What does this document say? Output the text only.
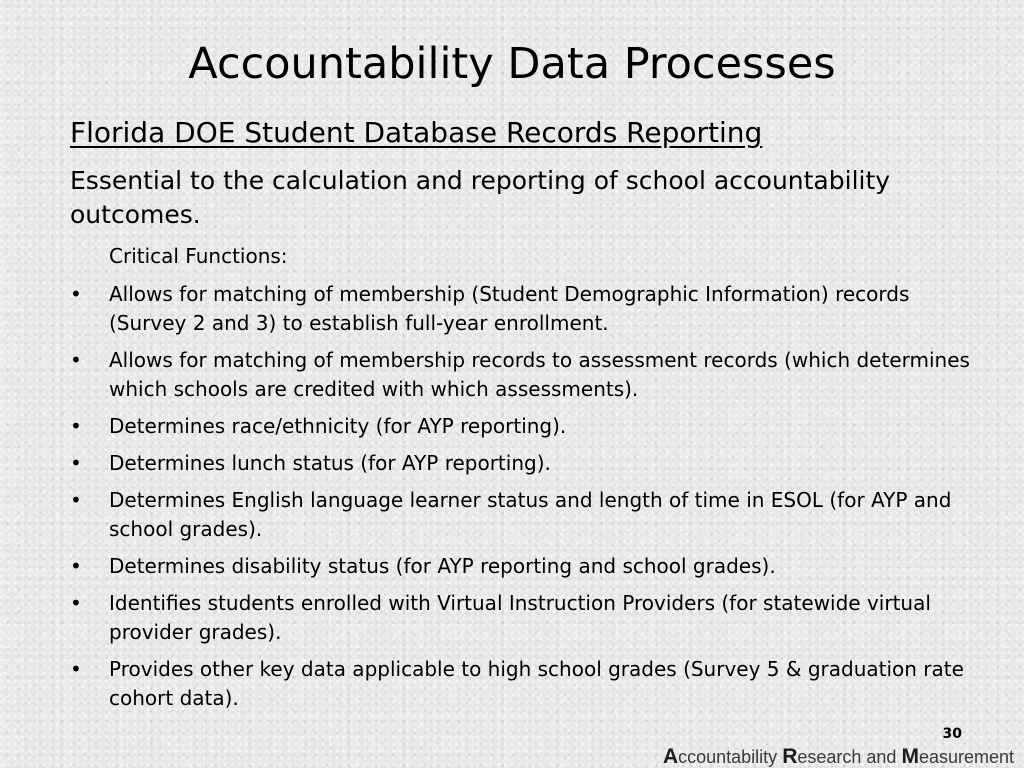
Accountability Data Processes
Florida DOE Student Database Records Reporting

Essential to the calculation and reporting of school accountability outcomes.

Critical Functions:

•	Allows for matching of membership (Student Demographic Information) records (Survey 2 and 3) to establish full-year enrollment.
•	Allows for matching of membership records to assessment records (which determines which schools are credited with which assessments).
•	Determines race/ethnicity (for AYP reporting).
•	Determines lunch status (for AYP reporting).
•	Determines English language learner status and length of time in ESOL (for AYP and school grades).
•	Determines disability status (for AYP reporting and school grades).
•	Identifies students enrolled with Virtual Instruction Providers (for statewide virtual provider grades).
•	Provides other key data applicable to high school grades (Survey 5 & graduation rate cohort data).

30

Accountability Research and Measurement
